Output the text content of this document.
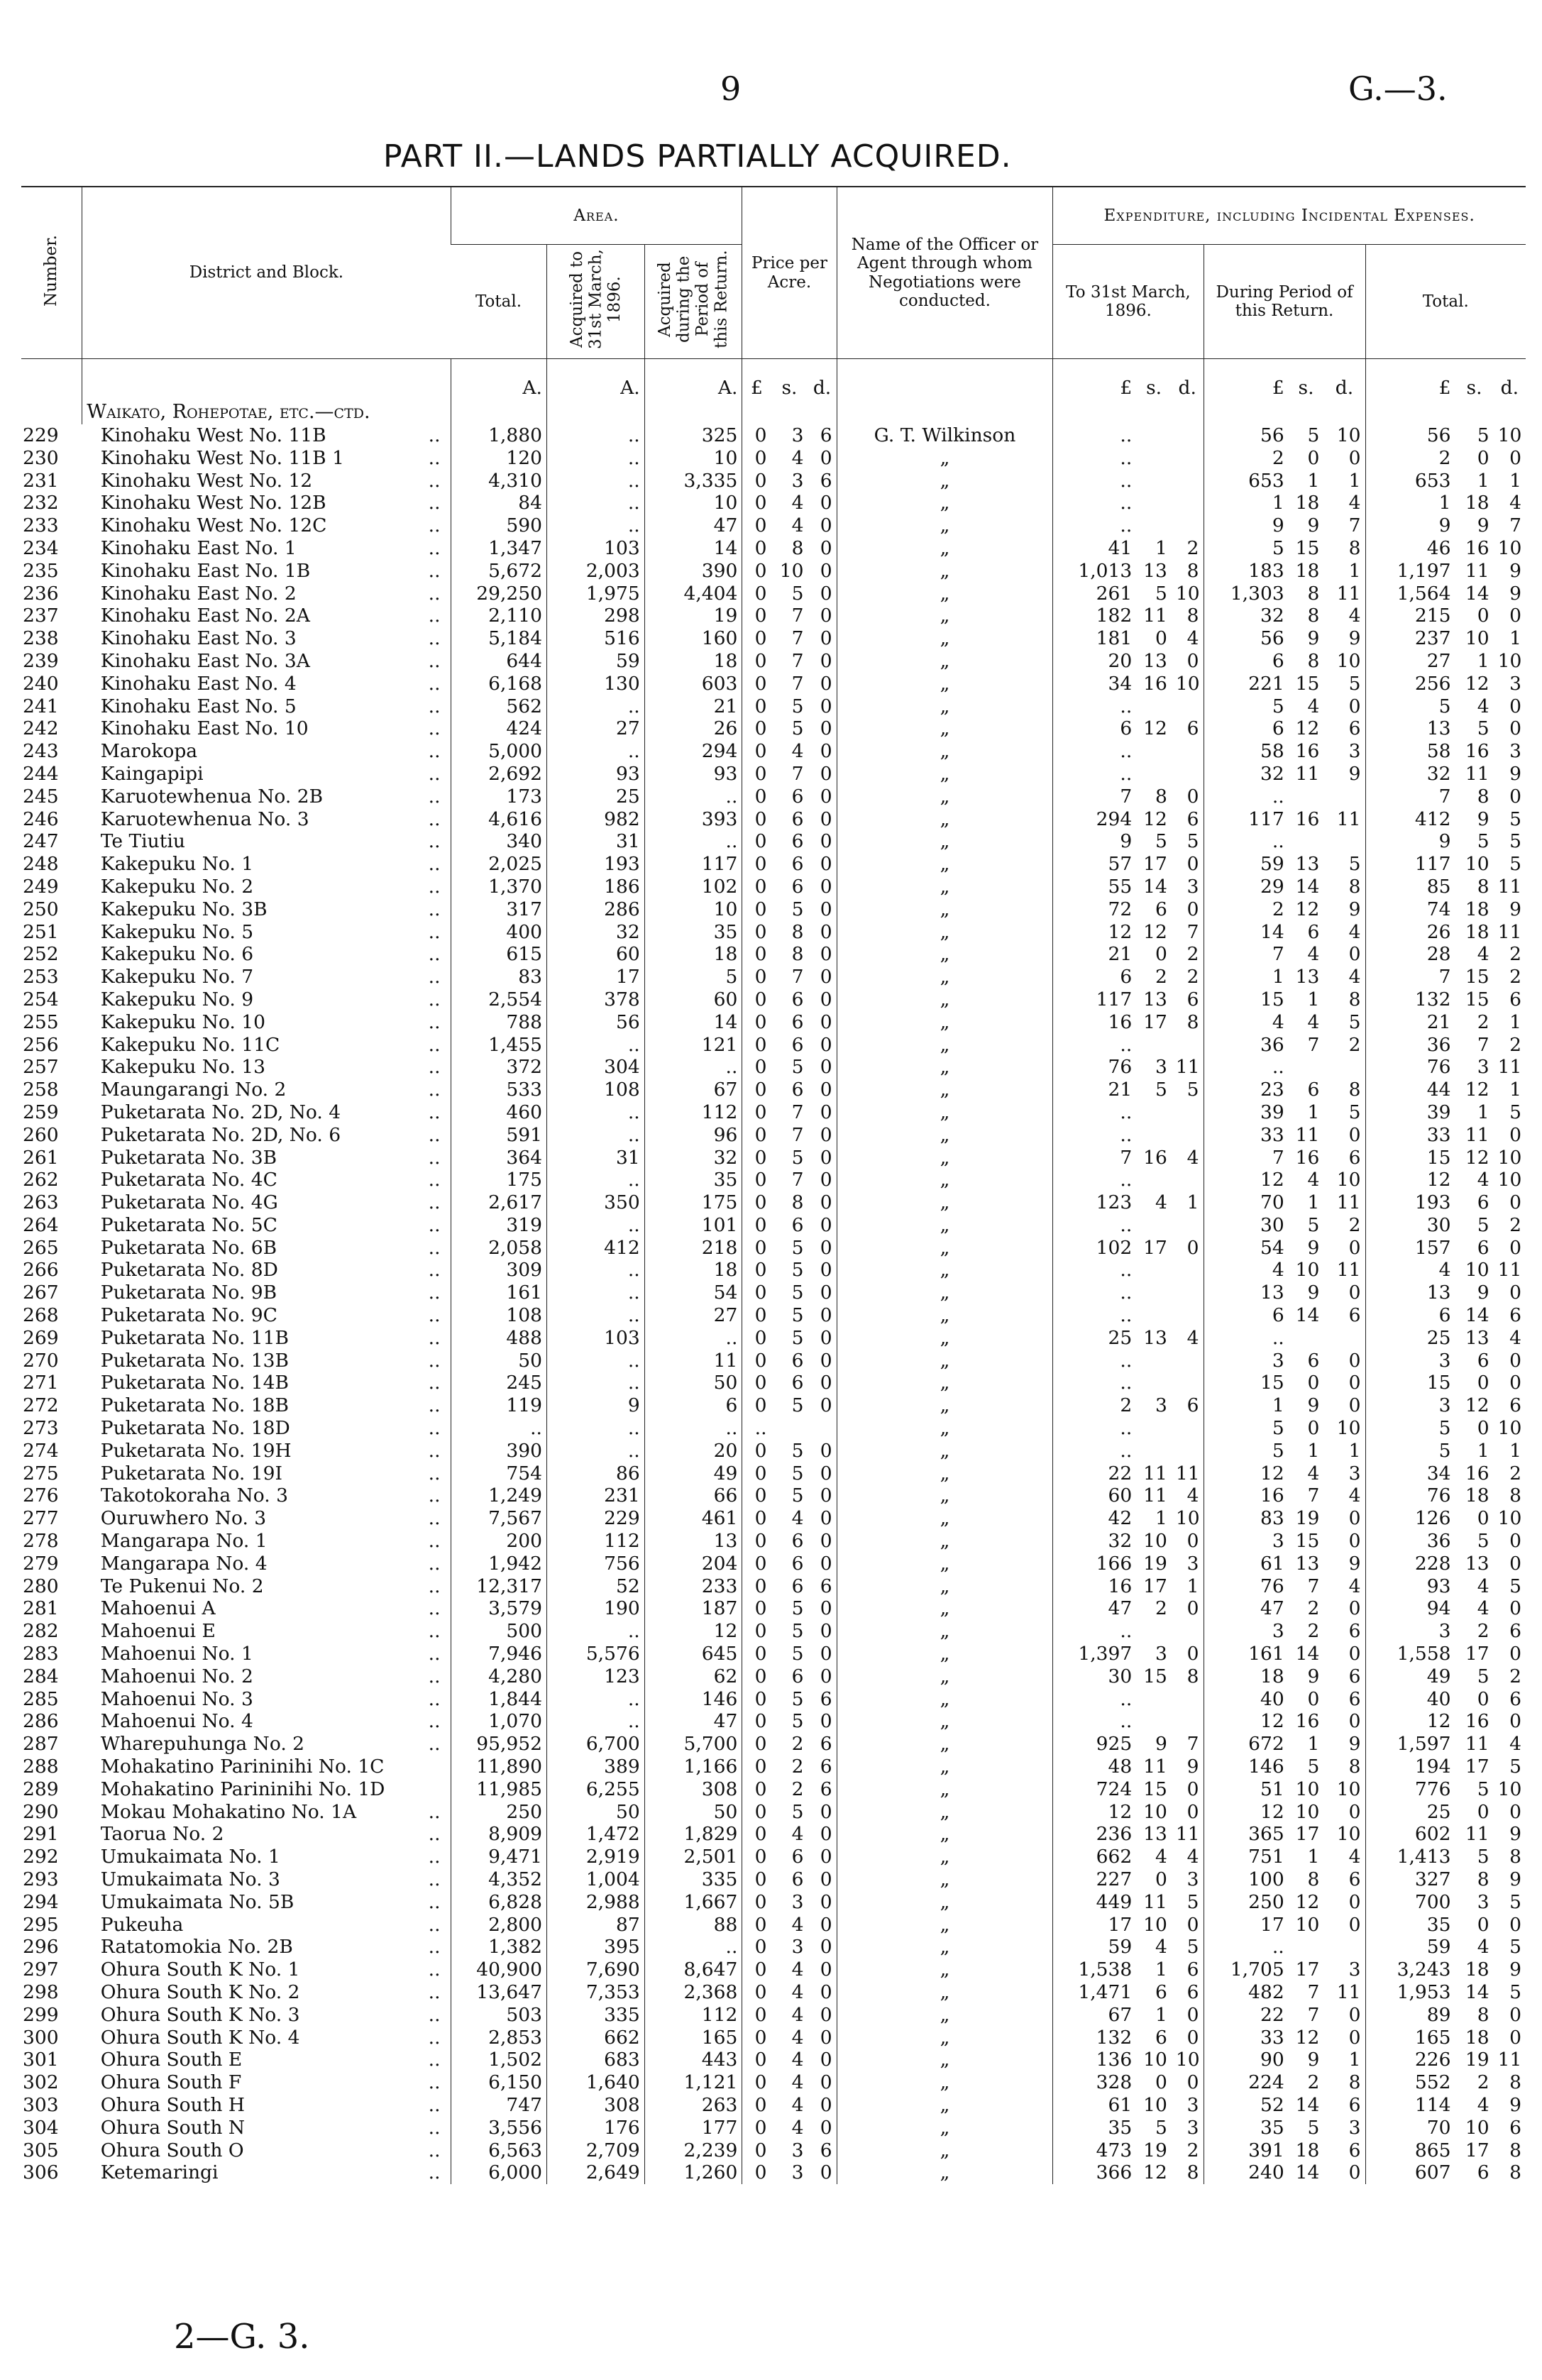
9	G.—3.
PART II.—LANDS PARTIALLY ACQUIRED.
Number.	District and Block.	Area.			Price per Acre.			Name of the Officer or Agent through whom Negotiations were conducted.	Expenditure, including Incidental Expenses.								
		Total.	Acquired to 31st March, 1896.	Acquired during the Period of this Return.					To 31st March, 1896.			During Period of this Return.			Total.		
		A.	A.	A.	£	s.	d.		£	s.	d.	£	s.	d.	£	s.	d.
	Waikato, Rohepotae, etc.—ctd.																
229	Kinohaku West No. 11B ..	1,880	..	325	0	3	6	G. T. Wilkinson	..			56	5	10	56	5	10
230	Kinohaku West No. 11B 1 ..	120	..	10	0	4	0	„	..			2	0	0	2	0	0
231	Kinohaku West No. 12 ..	4,310	..	3,335	0	3	6	„	..			653	1	1	653	1	1
232	Kinohaku West No. 12B ..	84	..	10	0	4	0	„	..			1	18	4	1	18	4
233	Kinohaku West No. 12C ..	590	..	47	0	4	0	„	..			9	9	7	9	9	7
234	Kinohaku East No. 1 ..	1,347	103	14	0	8	0	„	41	1	2	5	15	8	46	16	10
235	Kinohaku East No. 1B ..	5,672	2,003	390	0	10	0	„	1,013	13	8	183	18	1	1,197	11	9
236	Kinohaku East No. 2 ..	29,250	1,975	4,404	0	5	0	„	261	5	10	1,303	8	11	1,564	14	9
237	Kinohaku East No. 2A ..	2,110	298	19	0	7	0	„	182	11	8	32	8	4	215	0	0
238	Kinohaku East No. 3 ..	5,184	516	160	0	7	0	„	181	0	4	56	9	9	237	10	1
239	Kinohaku East No. 3A ..	644	59	18	0	7	0	„	20	13	0	6	8	10	27	1	10
240	Kinohaku East No. 4 ..	6,168	130	603	0	7	0	„	34	16	10	221	15	5	256	12	3
241	Kinohaku East No. 5 ..	562	..	21	0	5	0	„	..			5	4	0	5	4	0
242	Kinohaku East No. 10 ..	424	27	26	0	5	0	„	6	12	6	6	12	6	13	5	0
243	Marokopa ..	5,000	..	294	0	4	0	„	..			58	16	3	58	16	3
244	Kaingapipi ..	2,692	93	93	0	7	0	„	..			32	11	9	32	11	9
245	Karuotewhenua No. 2B ..	173	25	..	0	6	0	„	7	8	0	..			7	8	0
246	Karuotewhenua No. 3 ..	4,616	982	393	0	6	0	„	294	12	6	117	16	11	412	9	5
247	Te Tiutiu ..	340	31	..	0	6	0	„	9	5	5	..			9	5	5
248	Kakepuku No. 1 ..	2,025	193	117	0	6	0	„	57	17	0	59	13	5	117	10	5
249	Kakepuku No. 2 ..	1,370	186	102	0	6	0	„	55	14	3	29	14	8	85	8	11
250	Kakepuku No. 3B ..	317	286	10	0	5	0	„	72	6	0	2	12	9	74	18	9
251	Kakepuku No. 5 ..	400	32	35	0	8	0	„	12	12	7	14	6	4	26	18	11
252	Kakepuku No. 6 ..	615	60	18	0	8	0	„	21	0	2	7	4	0	28	4	2
253	Kakepuku No. 7 ..	83	17	5	0	7	0	„	6	2	2	1	13	4	7	15	2
254	Kakepuku No. 9 ..	2,554	378	60	0	6	0	„	117	13	6	15	1	8	132	15	6
255	Kakepuku No. 10 ..	788	56	14	0	6	0	„	16	17	8	4	4	5	21	2	1
256	Kakepuku No. 11C ..	1,455	..	121	0	6	0	„	..			36	7	2	36	7	2
257	Kakepuku No. 13 ..	372	304	..	0	5	0	„	76	3	11	..			76	3	11
258	Maungarangi No. 2 ..	533	108	67	0	6	0	„	21	5	5	23	6	8	44	12	1
259	Puketarata No. 2D, No. 4 ..	460	..	112	0	7	0	„	..			39	1	5	39	1	5
260	Puketarata No. 2D, No. 6 ..	591	..	96	0	7	0	„	..			33	11	0	33	11	0
261	Puketarata No. 3B ..	364	31	32	0	5	0	„	7	16	4	7	16	6	15	12	10
262	Puketarata No. 4C ..	175	..	35	0	7	0	„	..			12	4	10	12	4	10
263	Puketarata No. 4G ..	2,617	350	175	0	8	0	„	123	4	1	70	1	11	193	6	0
264	Puketarata No. 5C ..	319	..	101	0	6	0	„	..			30	5	2	30	5	2
265	Puketarata No. 6B ..	2,058	412	218	0	5	0	„	102	17	0	54	9	0	157	6	0
266	Puketarata No. 8D ..	309	..	18	0	5	0	„	..			4	10	11	4	10	11
267	Puketarata No. 9B ..	161	..	54	0	5	0	„	..			13	9	0	13	9	0
268	Puketarata No. 9C ..	108	..	27	0	5	0	„	..			6	14	6	6	14	6
269	Puketarata No. 11B ..	488	103	..	0	5	0	„	25	13	4	..			25	13	4
270	Puketarata No. 13B ..	50	..	11	0	6	0	„	..			3	6	0	3	6	0
271	Puketarata No. 14B ..	245	..	50	0	6	0	„	..			15	0	0	15	0	0
272	Puketarata No. 18B ..	119	9	6	0	5	0	„	2	3	6	1	9	0	3	12	6
273	Puketarata No. 18D ..	..	..	..	..			„	..			5	0	10	5	0	10
274	Puketarata No. 19H ..	390	..	20	0	5	0	„	..			5	1	1	5	1	1
275	Puketarata No. 19I ..	754	86	49	0	5	0	„	22	11	11	12	4	3	34	16	2
276	Takotokoraha No. 3 ..	1,249	231	66	0	5	0	„	60	11	4	16	7	4	76	18	8
277	Ouruwhero No. 3 ..	7,567	229	461	0	4	0	„	42	1	10	83	19	0	126	0	10
278	Mangarapa No. 1 ..	200	112	13	0	6	0	„	32	10	0	3	15	0	36	5	0
279	Mangarapa No. 4 ..	1,942	756	204	0	6	0	„	166	19	3	61	13	9	228	13	0
280	Te Pukenui No. 2 ..	12,317	52	233	0	6	6	„	16	17	1	76	7	4	93	4	5
281	Mahoenui A ..	3,579	190	187	0	5	0	„	47	2	0	47	2	0	94	4	0
282	Mahoenui E ..	500	..	12	0	5	0	„	..			3	2	6	3	2	6
283	Mahoenui No. 1 ..	7,946	5,576	645	0	5	0	„	1,397	3	0	161	14	0	1,558	17	0
284	Mahoenui No. 2 ..	4,280	123	62	0	6	0	„	30	15	8	18	9	6	49	5	2
285	Mahoenui No. 3 ..	1,844	..	146	0	5	6	„	..			40	0	6	40	0	6
286	Mahoenui No. 4 ..	1,070	..	47	0	5	0	„	..			12	16	0	12	16	0
287	Wharepuhunga No. 2 ..	95,952	6,700	5,700	0	2	6	„	925	9	7	672	1	9	1,597	11	4
288	Mohakatino Parininihi No. 1C	11,890	389	1,166	0	2	6	„	48	11	9	146	5	8	194	17	5
289	Mohakatino Parininihi No. 1D	11,985	6,255	308	0	2	6	„	724	15	0	51	10	10	776	5	10
290	Mokau Mohakatino No. 1A ..	250	50	50	0	5	0	„	12	10	0	12	10	0	25	0	0
291	Taorua No. 2 ..	8,909	1,472	1,829	0	4	0	„	236	13	11	365	17	10	602	11	9
292	Umukaimata No. 1 ..	9,471	2,919	2,501	0	6	0	„	662	4	4	751	1	4	1,413	5	8
293	Umukaimata No. 3 ..	4,352	1,004	335	0	6	0	„	227	0	3	100	8	6	327	8	9
294	Umukaimata No. 5B ..	6,828	2,988	1,667	0	3	0	„	449	11	5	250	12	0	700	3	5
295	Pukeuha ..	2,800	87	88	0	4	0	„	17	10	0	17	10	0	35	0	0
296	Ratatomokia No. 2B ..	1,382	395	..	0	3	0	„	59	4	5	..			59	4	5
297	Ohura South K No. 1 ..	40,900	7,690	8,647	0	4	0	„	1,538	1	6	1,705	17	3	3,243	18	9
298	Ohura South K No. 2 ..	13,647	7,353	2,368	0	4	0	„	1,471	6	6	482	7	11	1,953	14	5
299	Ohura South K No. 3 ..	503	335	112	0	4	0	„	67	1	0	22	7	0	89	8	0
300	Ohura South K No. 4 ..	2,853	662	165	0	4	0	„	132	6	0	33	12	0	165	18	0
301	Ohura South E ..	1,502	683	443	0	4	0	„	136	10	10	90	9	1	226	19	11
302	Ohura South F ..	6,150	1,640	1,121	0	4	0	„	328	0	0	224	2	8	552	2	8
303	Ohura South H ..	747	308	263	0	4	0	„	61	10	3	52	14	6	114	4	9
304	Ohura South N ..	3,556	176	177	0	4	0	„	35	5	3	35	5	3	70	10	6
305	Ohura South O ..	6,563	2,709	2,239	0	3	6	„	473	19	2	391	18	6	865	17	8
306	Ketemaringi ..	6,000	2,649	1,260	0	3	0	„	366	12	8	240	14	0	607	6	8
2—G. 3.
